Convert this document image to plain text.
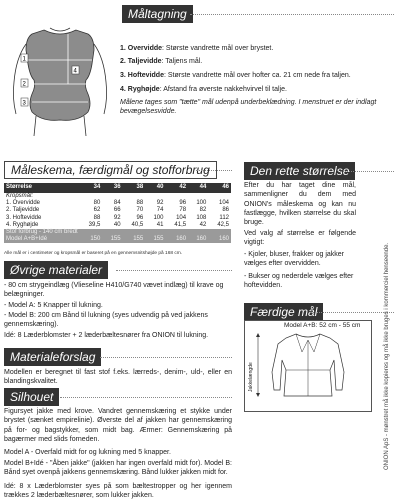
Måltagning
1
2
3
4
1. Overvidde: Største vandrette mål over brystet.
2. Taljevidde: Taljens mål.
3. Hoftevidde: Største vandrette mål over hofter ca. 21 cm nede fra taljen.
4. Ryghøjde: Afstand fra øverste nakkehvirvel til talje.
Målene tages som "tætte" mål udenpå underbeklædning. I menstruet er der indlagt bevægelsesvidde.
Måleskema, færdigmål og stofforbrug
Størrelse	34	36	38	40	42	44	46
Kropsmål:							
1. Overvidde	80	84	88	92	96	100	104
2. Taljevidde	62	66	70	74	78	82	86
3. Hoftevidde	88	92	96	100	104	108	112
4. Ryghøjde	39,5	40	40,5	41	41,5	42	42,5
Stof forbrug - 140 cm bredt							
Model A+B+Idé	150	155	155	155	160	160	160
Alle mål er i centimeter og kropsmål er baseret på en gennemsnitshøjde på 168 cm.
Den rette størrelse
Efter du har taget dine mål, sammenligner du dem med ONION's måleskema og kan nu fastlægge, hvilken størrelse du skal bruge.
Ved valg af størrelse er følgende vigtigt:
- Kjoler, bluser, frakker og jakker vælges efter overvidden.
- Bukser og nederdele vælges efter hoftevidden.
Øvrige materialer
- 80 cm strygeindlæg (Vlieseline H410/G740 vævet indlæg) til krave og belægninger.
- Model A: 5 Knapper til lukning.
- Model B: 200 cm Bånd til lukning (syes udvendig på ved jakkens gennemskæring).
Idé: 8 Læderblomster + 2 læderbæltesnører fra ONION til lukning.
Materialeforslag
Modellen er beregnet til fast stof f.eks. lærreds-, denim-, uld-, eller en blandingskvalitet.
Silhouet
Figursyet jakke med krove. Vandret gennemskæring et stykke under brystet (sænket empirelinie). Øverste del af jakken har gennemskæring på for- og bagstykker, som midt bag. Ærmer: Gennemskæring på bagærmer med slids forneden.
Model A - Overfald midt for og lukning med 5 knapper.
Model B+Idé - "Åben jakke" (jakken har ingen overfald midt for). Model B: Bånd syet ovenpå jakkens gennemskæring. Bånd lukker jakken midt for.
Idé: 8 x Læderblomster syes på som bæltestropper og her igennem trækkes 2 læderbæltesnører, som lukker jakken.
Færdige mål
Model A+B: 52 cm - 55 cm
Jakkelængde	ONION ApS - mønstret må ikke kopieres og må ikke bruges i kommerciel henseende.
